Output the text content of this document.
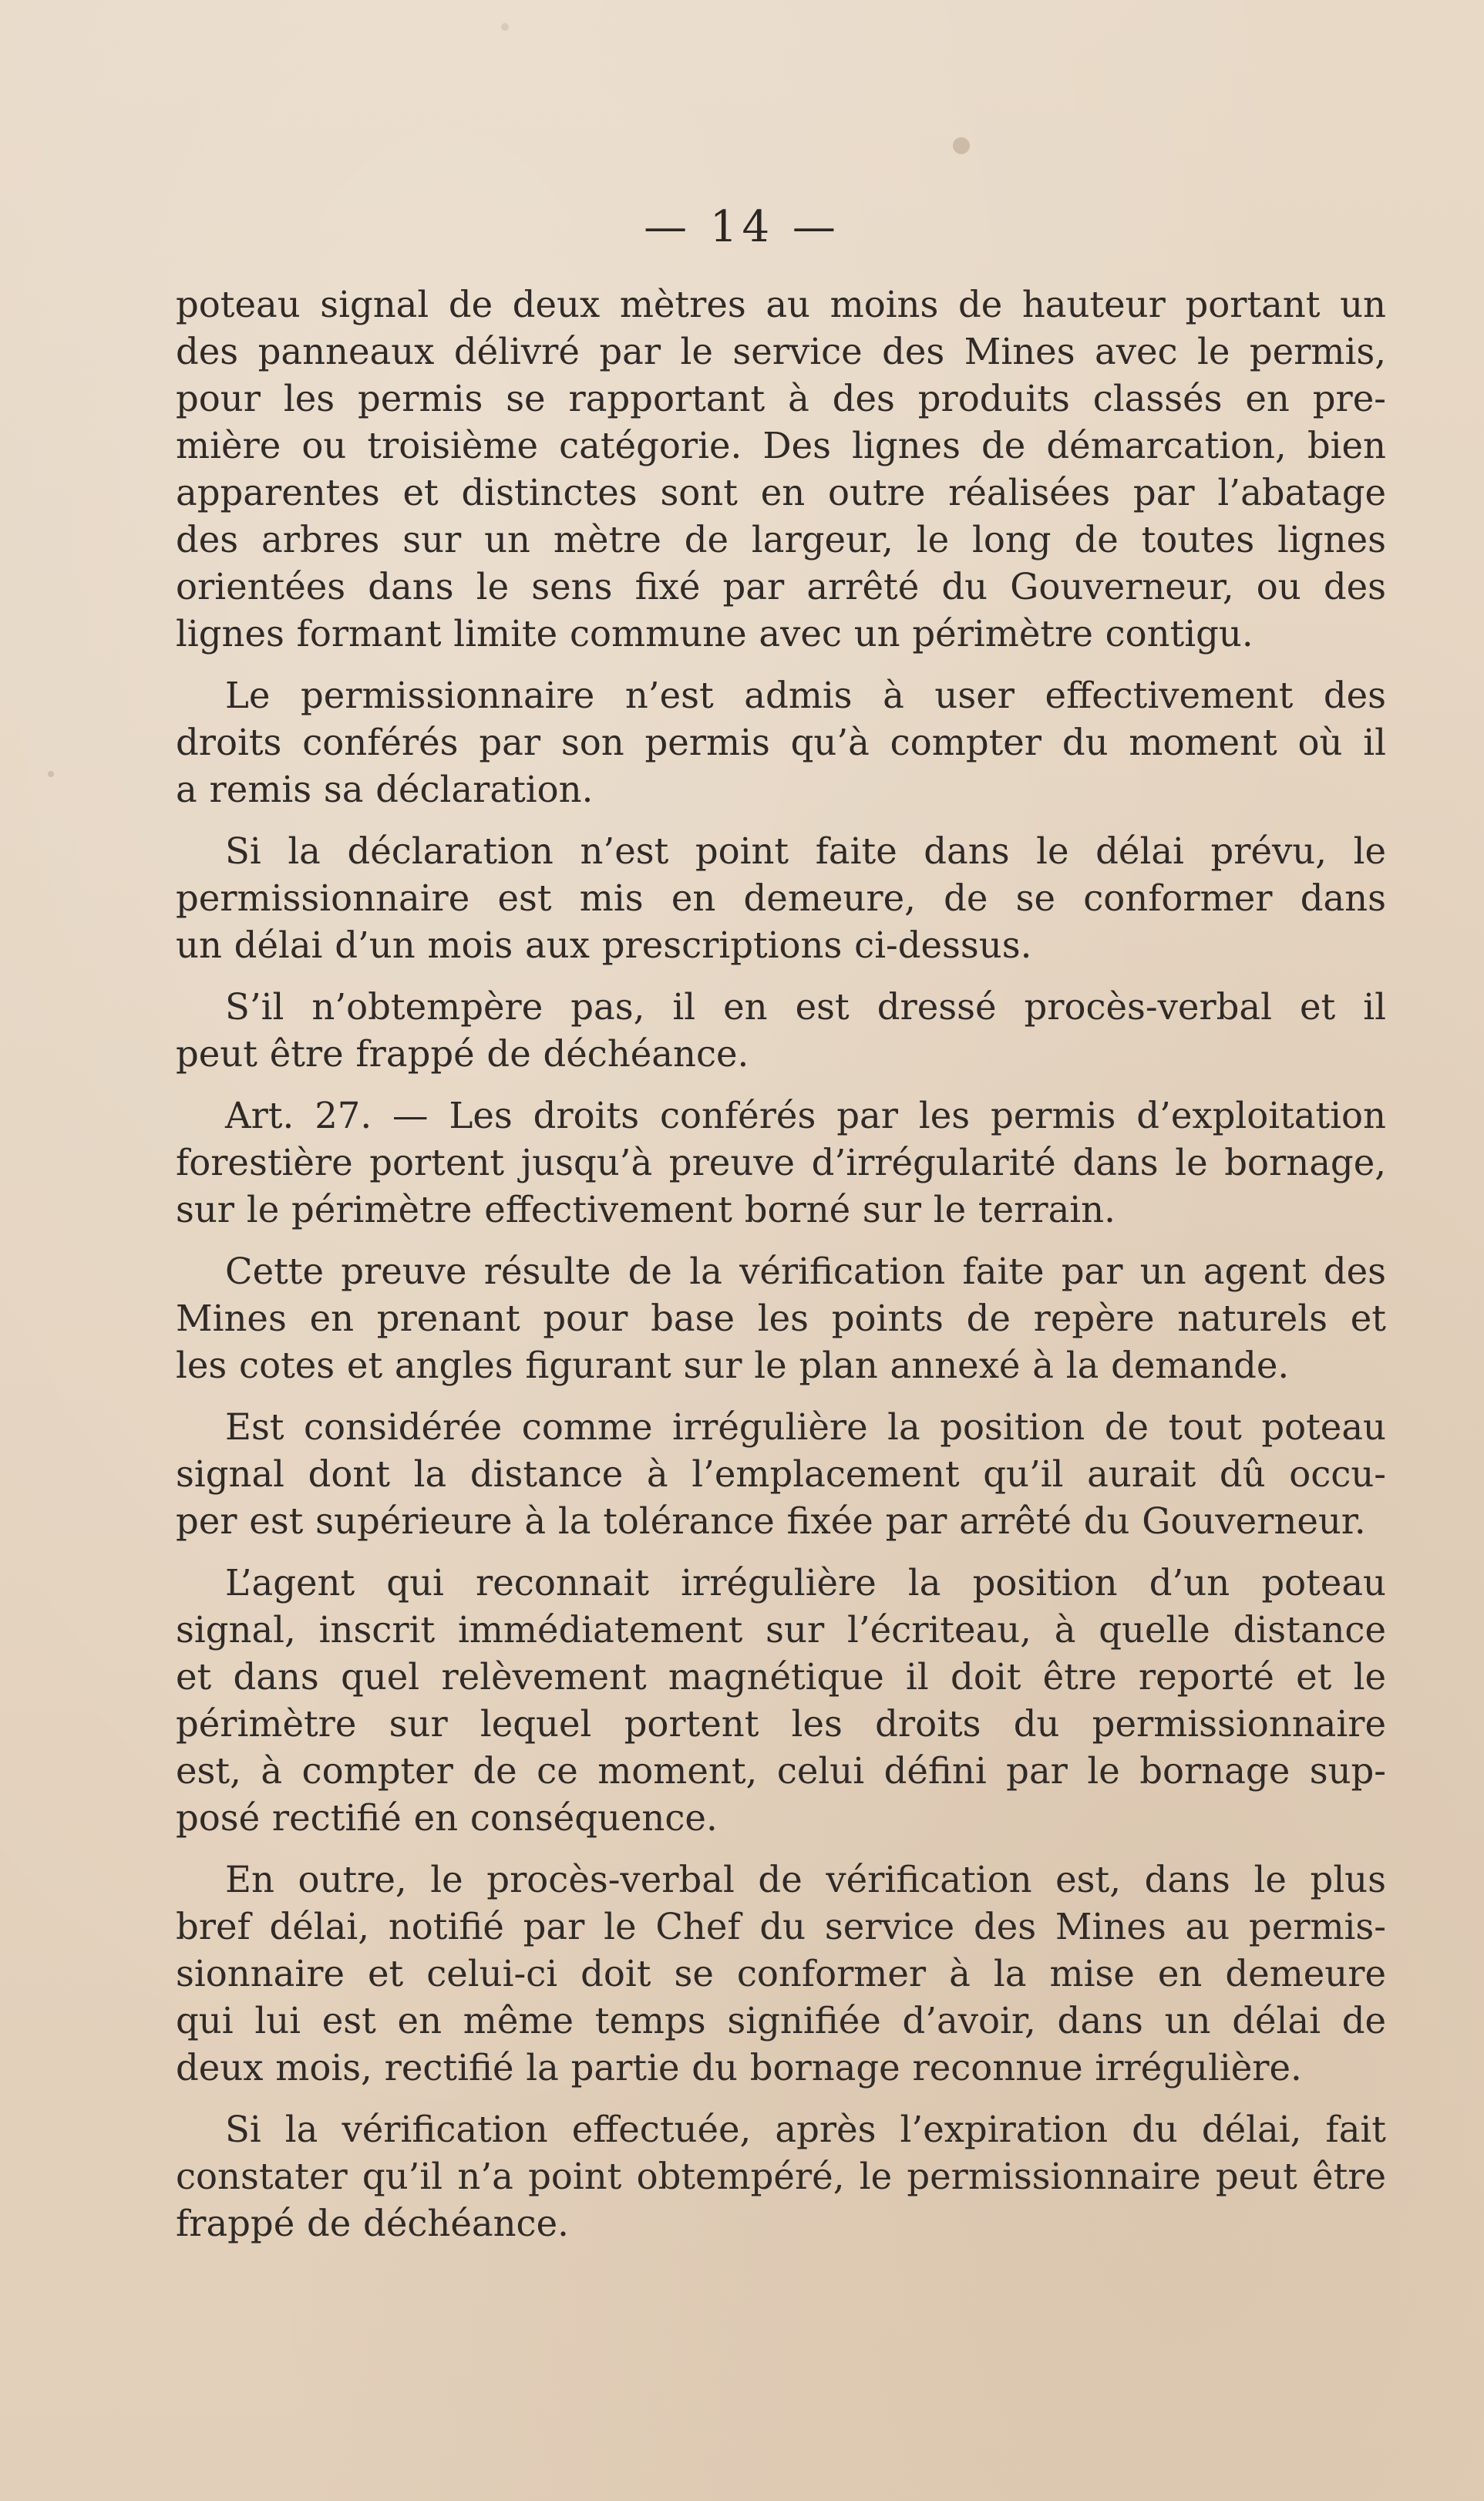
— 14 —
poteau signal de deux mètres au moins de hauteur portant un
des panneaux délivré par le service des Mines avec le permis,
pour les permis se rapportant à des produits classés en pre-
mière ou troisième catégorie. Des lignes de démarcation, bien
apparentes et distinctes sont en outre réalisées par l’abatage
des arbres sur un mètre de largeur, le long de toutes lignes
orientées dans le sens fixé par arrêté du Gouverneur, ou des
lignes formant limite commune avec un périmètre contigu.
Le permissionnaire n’est admis à user effectivement des
droits conférés par son permis qu’à compter du moment où il
a remis sa déclaration.
Si la déclaration n’est point faite dans le délai prévu, le
permissionnaire est mis en demeure, de se conformer dans
un délai d’un mois aux prescriptions ci-dessus.
S’il n’obtempère pas, il en est dressé procès-verbal et il
peut être frappé de déchéance.
Art. 27. — Les droits conférés par les permis d’exploitation
forestière portent jusqu’à preuve d’irrégularité dans le bornage,
sur le périmètre effectivement borné sur le terrain.
Cette preuve résulte de la vérification faite par un agent des
Mines en prenant pour base les points de repère naturels et
les cotes et angles figurant sur le plan annexé à la demande.
Est considérée comme irrégulière la position de tout poteau
signal dont la distance à l’emplacement qu’il aurait dû occu-
per est supérieure à la tolérance fixée par arrêté du Gouverneur.
L’agent qui reconnait irrégulière la position d’un poteau
signal, inscrit immédiatement sur l’écriteau, à quelle distance
et dans quel relèvement magnétique il doit être reporté et le
périmètre sur lequel portent les droits du permissionnaire
est, à compter de ce moment, celui défini par le bornage sup-
posé rectifié en conséquence.
En outre, le procès-verbal de vérification est, dans le plus
bref délai, notifié par le Chef du service des Mines au permis-
sionnaire et celui-ci doit se conformer à la mise en demeure
qui lui est en même temps signifiée d’avoir, dans un délai de
deux mois, rectifié la partie du bornage reconnue irrégulière.
Si la vérification effectuée, après l’expiration du délai, fait
constater qu’il n’a point obtempéré, le permissionnaire peut être
frappé de déchéance.
